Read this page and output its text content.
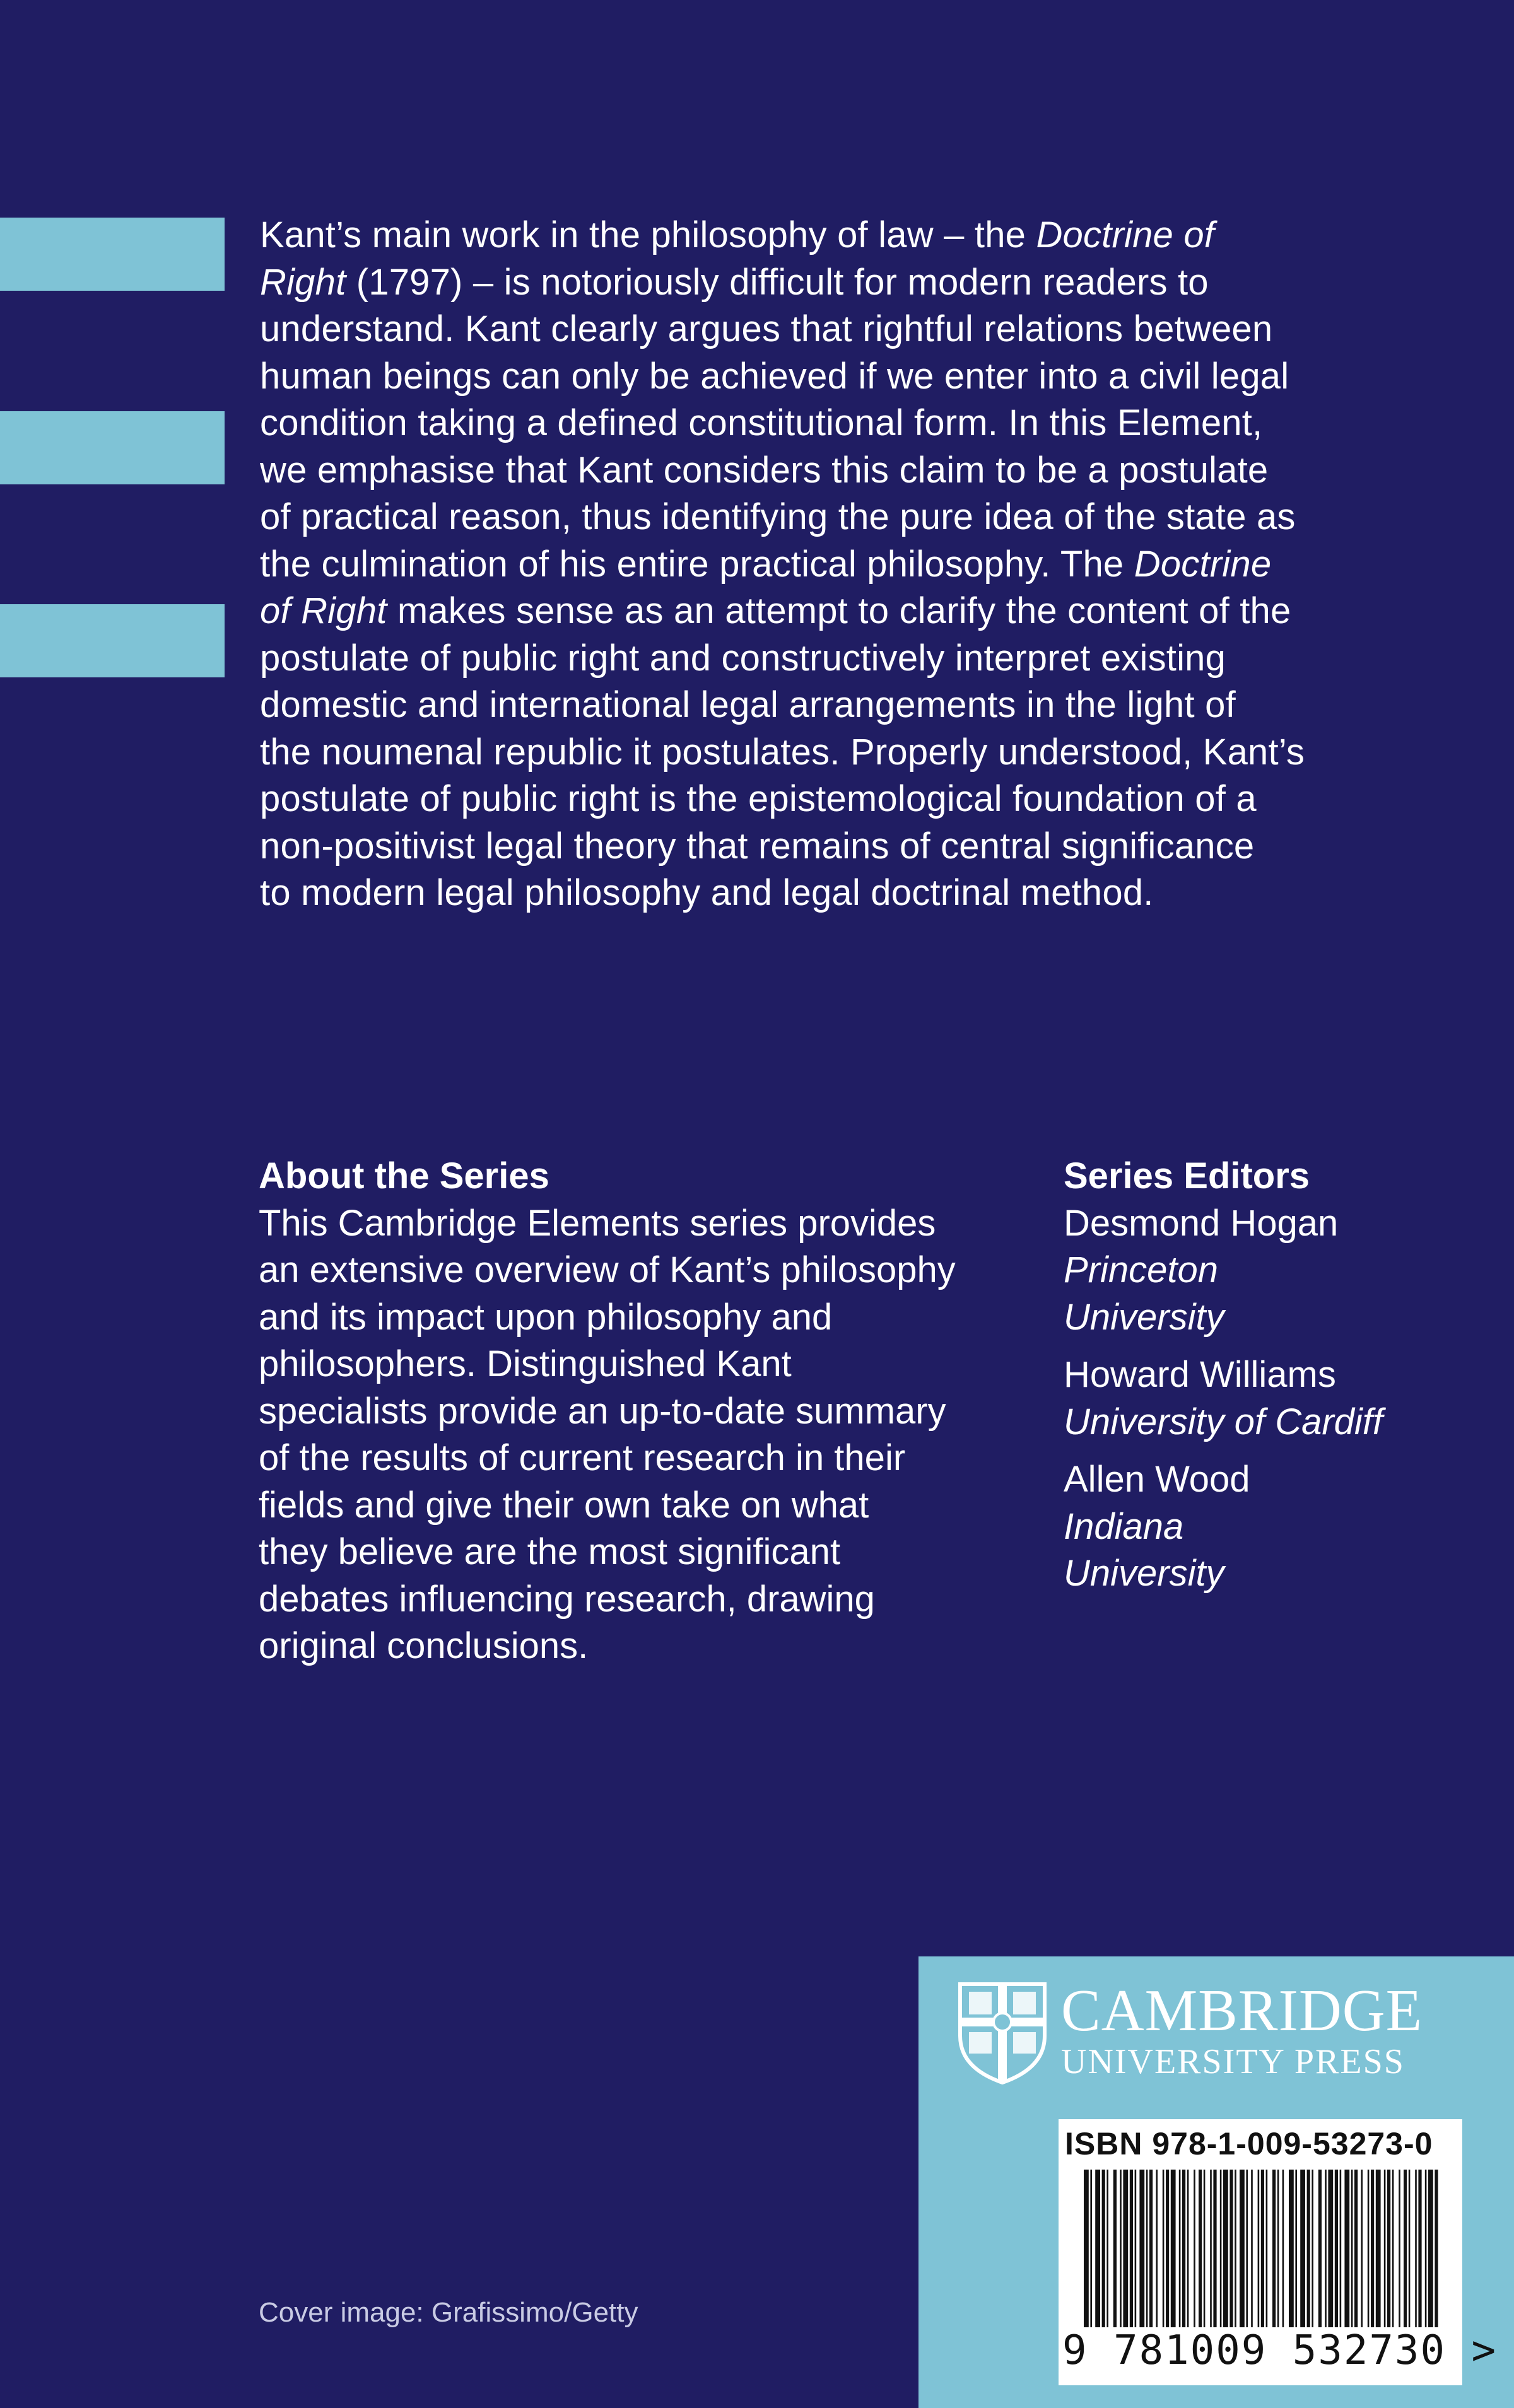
Kant’s main work in the philosophy of law – the Doctrine of
Right (1797) – is notoriously difficult for modern readers to
understand. Kant clearly argues that rightful relations between
human beings can only be achieved if we enter into a civil legal
condition taking a defined constitutional form. In this Element,
we emphasise that Kant considers this claim to be a postulate
of practical reason, thus identifying the pure idea of the state as
the culmination of his entire practical philosophy. The Doctrine
of Right makes sense as an attempt to clarify the content of the
postulate of public right and constructively interpret existing
domestic and international legal arrangements in the light of
the noumenal republic it postulates. Properly understood, Kant’s
postulate of public right is the epistemological foundation of a
non-positivist legal theory that remains of central significance
to modern legal philosophy and legal doctrinal method.
About the Series
This Cambridge Elements series provides
an extensive overview of Kant’s philosophy
and its impact upon philosophy and
philosophers. Distinguished Kant
specialists provide an up-to-date summary
of the results of current research in their
fields and give their own take on what
they believe are the most significant
debates influencing research, drawing
original conclusions.
Series Editors
Desmond Hogan
Princeton
University
Howard Williams
University of Cardiff
Allen Wood
Indiana
University
Cover image: Grafissimo/Getty
CAMBRIDGE
UNIVERSITY PRESS
ISBN 978-1-009-53273-0
9 781009 532730 >
